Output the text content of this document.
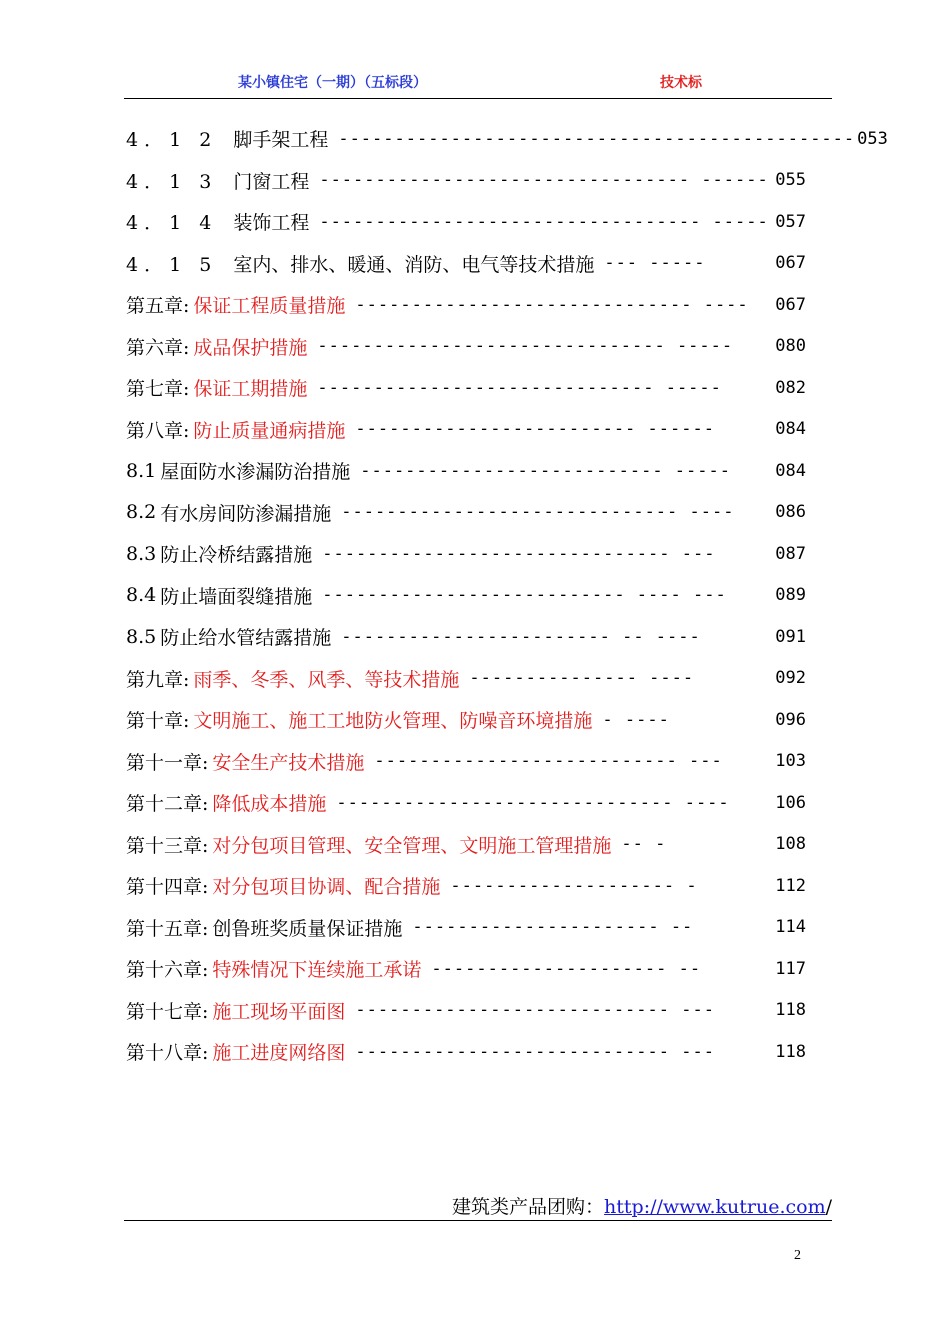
某小镇住宅（一期）（五标段）	技术标
4．1 2 脚手架工程 ---------------------------------------------- 053
4．1 3 门窗工程 --------------------------------- ------ 055
4．1 4 装饰工程 ---------------------------------- ----- 057
4．1 5 室内、排水、暖通、消防、电气等技术措施 --- -----	067
第五章: 保证工程质量措施 ------------------------------ ----	067
第六章: 成品保护措施 ------------------------------- -----	080
第七章: 保证工期措施 ------------------------------ -----	082
第八章: 防止质量通病措施 ------------------------- ------	084
8.1 屋面防水渗漏防治措施 --------------------------- -----	084
8.2 有水房间防渗漏措施 ------------------------------ ----	086
8.3 防止冷桥结露措施 ------------------------------- ---	087
8.4 防止墙面裂缝措施 --------------------------- ---- ---	089
8.5 防止给水管结露措施 ------------------------ -- ----	091
第九章: 雨季、冬季、风季、等技术措施 --------------- ----	092
第十章: 文明施工、施工工地防火管理、防噪音环境措施 - ----	096
第十一章: 安全生产技术措施 --------------------------- ---	103
第十二章: 降低成本措施 ------------------------------ ----	106
第十三章: 对分包项目管理、安全管理、文明施工管理措施 -- -	108
第十四章: 对分包项目协调、配合措施 -------------------- -	112
第十五章: 创鲁班奖质量保证措施 ---------------------- --	114
第十六章: 特殊情况下连续施工承诺 --------------------- --	117
第十七章: 施工现场平面图 ---------------------------- ---	118
第十八章: 施工进度网络图 ---------------------------- ---	118
建筑类产品团购：http://www.kutrue.com/
2
